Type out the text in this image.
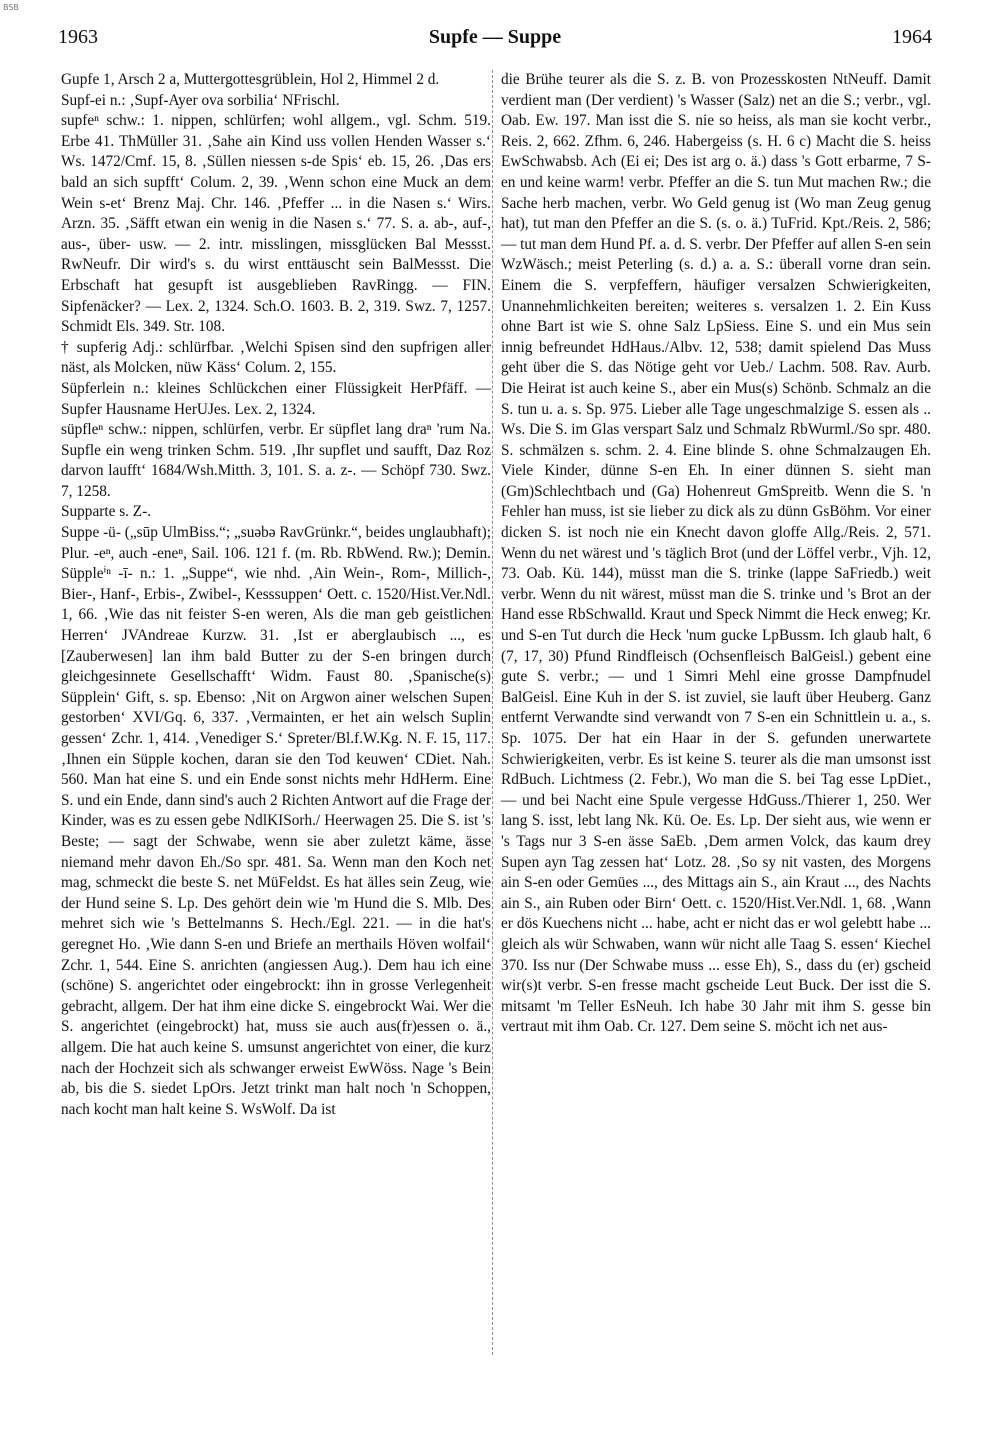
BSB
1963	Supfe — Suppe	1964
Gupfe 1, Arsch 2 a, Muttergottesgrüblein, Hol 2, Himmel 2 d.
Supf-ei n.: ‚Supf-Ayer ova sorbilia‘ NFrischl.
supfeⁿ schw.: 1. nippen, schlürfen; wohl allgem., vgl. Schm. 519. Erbe 41. ThMüller 31. ‚Sahe ain Kind uss vollen Henden Wasser s.‘ Ws. 1472/Cmf. 15, 8. ‚Süllen niessen s-de Spis‘ eb. 15, 26. ‚Das ers bald an sich supfft‘ Colum. 2, 39. ‚Wenn schon eine Muck an dem Wein s-et‘ Brenz Maj. Chr. 146. ‚Pfeffer ... in die Nasen s.‘ Wirs. Arzn. 35. ‚Säfft etwan ein wenig in die Nasen s.‘ 77. S. a. ab-, auf-, aus-, über- usw. — 2. intr. misslingen, missglücken Bal Messst. RwNeufr. Dir wird's s. du wirst enttäuscht sein BalMessst. Die Erbschaft hat gesupft ist ausgeblieben RavRingg. — FIN. Sipfenäcker? — Lex. 2, 1324. Sch.O. 1603. B. 2, 319. Swz. 7, 1257. Schmidt Els. 349. Str. 108.
† supferig Adj.: schlürfbar. ‚Welchi Spisen sind den supfrigen aller näst, als Molcken, nüw Käss‘ Colum. 2, 155.
Süpferlein n.: kleines Schlückchen einer Flüssigkeit HerPfäff. — Supfer Hausname HerUJes. Lex. 2, 1324.
süpfleⁿ schw.: nippen, schlürfen, verbr. Er süpflet lang draⁿ 'rum Na. Supfle ein weng trinken Schm. 519. ‚Ihr supflet und saufft, Daz Roz darvon laufft‘ 1684/Wsh.Mitth. 3, 101. S. a. z-. — Schöpf 730. Swz. 7, 1258.
Supparte s. Z-.
Suppe -ü- („sūp UlmBiss.“; „suəbə RavGrünkr.“, beides unglaubhaft); Plur. -eⁿ, auch -eneⁿ, Sail. 106. 121 f. (m. Rb. RbWend. Rw.); Demin. Süppleⁱⁿ -ī- n.: 1. „Suppe“, wie nhd. ‚Ain Wein-, Rom-, Millich-, Bier-, Hanf-, Erbis-, Zwibel-, Kesssuppen‘ Oett. c. 1520/Hist.Ver.Ndl. 1, 66. ‚Wie das nit feister S-en weren, Als die man geb geistlichen Herren‘ JVAndreae Kurzw. 31. ‚Ist er aberglaubisch ..., es [Zauberwesen] lan ihm bald Butter zu der S-en bringen durch gleichgesinnete Gesellschafft‘ Widm. Faust 80. ‚Spanische(s) Süpplein‘ Gift, s. sp. Ebenso: ‚Nit on Argwon ainer welschen Supen gestorben‘ XVI/Gq. 6, 337. ‚Vermainten, er het ain welsch Suplin gessen‘ Zchr. 1, 414. ‚Venediger S.‘ Spreter/Bl.f.W.Kg. N. F. 15, 117. ‚Ihnen ein Süpple kochen, daran sie den Tod keuwen‘ CDiet. Nah. 560. Man hat eine S. und ein Ende sonst nichts mehr HdHerm. Eine S. und ein Ende, dann sind's auch 2 Richten Antwort auf die Frage der Kinder, was es zu essen gebe NdlKISorh./ Heerwagen 25. Die S. ist 's Beste; — sagt der Schwabe, wenn sie aber zuletzt käme, ässe niemand mehr davon Eh./So spr. 481. Sa. Wenn man den Koch net mag, schmeckt die beste S. net MüFeldst. Es hat älles sein Zeug, wie der Hund seine S. Lp. Des gehört dein wie 'm Hund die S. Mlb. Des mehret sich wie 's Bettelmanns S. Hech./Egl. 221. — in die hat's geregnet Ho. ‚Wie dann S-en und Briefe an merthails Höven wolfail‘ Zchr. 1, 544. Eine S. anrichten (angiessen Aug.). Dem hau ich eine (schöne) S. angerichtet oder eingebrockt: ihn in grosse Verlegenheit gebracht, allgem. Der hat ihm eine dicke S. eingebrockt Wai. Wer die S. angerichtet (eingebrockt) hat, muss sie auch aus(fr)essen o. ä., allgem. Die hat auch keine S. umsunst angerichtet von einer, die kurz nach der Hochzeit sich als schwanger erweist EwWöss. Nage 's Bein ab, bis die S. siedet LpOrs. Jetzt trinkt man halt noch 'n Schoppen, nach kocht man halt keine S. WsWolf. Da ist
die Brühe teurer als die S. z. B. von Prozesskosten NtNeuff. Damit verdient man (Der verdient) 's Wasser (Salz) net an die S.; verbr., vgl. Oab. Ew. 197. Man isst die S. nie so heiss, als man sie kocht verbr., Reis. 2, 662. Zfhm. 6, 246. Habergeiss (s. H. 6 c) Macht die S. heiss EwSchwabsb. Ach (Ei ei; Des ist arg o. ä.) dass 's Gott erbarme, 7 S-en und keine warm! verbr. Pfeffer an die S. tun Mut machen Rw.; die Sache herb machen, verbr. Wo Geld genug ist (Wo man Zeug genug hat), tut man den Pfeffer an die S. (s. o. ä.) TuFrid. Kpt./Reis. 2, 586; — tut man dem Hund Pf. a. d. S. verbr. Der Pfeffer auf allen S-en sein WzWäsch.; meist Peterling (s. d.) a. a. S.: überall vorne dran sein. Einem die S. verpfeffern, häufiger versalzen Schwierigkeiten, Unannehmlichkeiten bereiten; weiteres s. versalzen 1. 2. Ein Kuss ohne Bart ist wie S. ohne Salz LpSiess. Eine S. und ein Mus sein innig befreundet HdHaus./Albv. 12, 538; damit spielend Das Muss geht über die S. das Nötige geht vor Ueb./ Lachm. 508. Rav. Aurb. Die Heirat ist auch keine S., aber ein Mus(s) Schönb. Schmalz an die S. tun u. a. s. Sp. 975. Lieber alle Tage ungeschmalzige S. essen als .. Ws. Die S. im Glas verspart Salz und Schmalz RbWurml./So spr. 480. S. schmälzen s. schm. 2. 4. Eine blinde S. ohne Schmalzaugen Eh. Viele Kinder, dünne S-en Eh. In einer dünnen S. sieht man (Gm)Schlechtbach und (Ga) Hohenreut GmSpreitb. Wenn die S. 'n Fehler han muss, ist sie lieber zu dick als zu dünn GsBöhm. Vor einer dicken S. ist noch nie ein Knecht davon gloffe Allg./Reis. 2, 571. Wenn du net wärest und 's täglich Brot (und der Löffel verbr., Vjh. 12, 73. Oab. Kü. 144), müsst man die S. trinke (lappe SaFriedb.) weit verbr. Wenn du nit wärest, müsst man die S. trinke und 's Brot an der Hand esse RbSchwalld. Kraut und Speck Nimmt die Heck enweg; Kr. und S-en Tut durch die Heck 'num gucke LpBussm. Ich glaub halt, 6 (7, 17, 30) Pfund Rindfleisch (Ochsenfleisch BalGeisl.) gebent eine gute S. verbr.; — und 1 Simri Mehl eine grosse Dampfnudel BalGeisl. Eine Kuh in der S. ist zuviel, sie lauft über Heuberg. Ganz entfernt Verwandte sind verwandt von 7 S-en ein Schnittlein u. a., s. Sp. 1075. Der hat ein Haar in der S. gefunden unerwartete Schwierigkeiten, verbr. Es ist keine S. teurer als die man umsonst isst RdBuch. Lichtmess (2. Febr.), Wo man die S. bei Tag esse LpDiet., — und bei Nacht eine Spule vergesse HdGuss./Thierer 1, 250. Wer lang S. isst, lebt lang Nk. Kü. Oe. Es. Lp. Der sieht aus, wie wenn er 's Tags nur 3 S-en ässe SaEb. ‚Dem armen Volck, das kaum drey Supen ayn Tag zessen hat‘ Lotz. 28. ‚So sy nit vasten, des Morgens ain S-en oder Gemües ..., des Mittags ain S., ain Kraut ..., des Nachts ain S., ain Ruben oder Birn‘ Oett. c. 1520/Hist.Ver.Ndl. 1, 68. ‚Wann er dös Kuechens nicht ... habe, acht er nicht das er wol gelebtt habe ... gleich als wür Schwaben, wann wür nicht alle Taag S. essen‘ Kiechel 370. Iss nur (Der Schwabe muss ... esse Eh), S., dass du (er) gscheid wir(s)t verbr. S-en fresse macht gscheide Leut Buck. Der isst die S. mitsamt 'm Teller EsNeuh. Ich habe 30 Jahr mit ihm S. gesse bin vertraut mit ihm Oab. Cr. 127. Dem seine S. möcht ich net aus-
